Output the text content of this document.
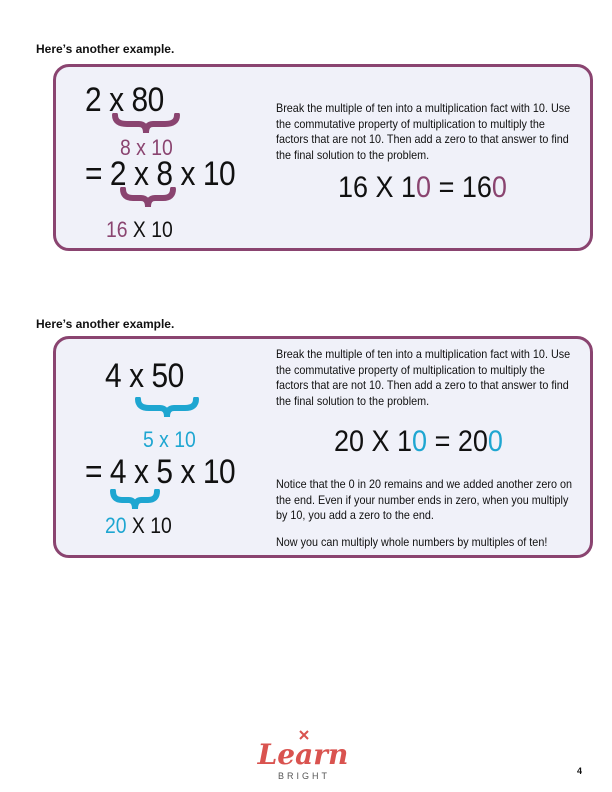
Here’s another example.
2 x 80
8 x 10
= 2 x 8 x 10
16 X 10
Break the multiple of ten into a multiplication fact with 10. Use the commutative property of multiplication to multiply the factors that are not 10. Then add a zero to that answer to find the final solution to the problem.
16 X 10 = 160
Here’s another example.
4 x 50
5 x 10
= 4 x 5 x 10
20 X 10
Break the multiple of ten into a multiplication fact with 10. Use the commutative property of multiplication to multiply the factors that are not 10. Then add a zero to that answer to find the final solution to the problem.
20 X 10 = 200
Notice that the 0 in 20 remains and we added another zero on the end. Even if your number ends in zero, when you multiply by 10, you add a zero to the end.
Now you can multiply whole numbers by multiples of ten!
Learn
BRIGHT	4
